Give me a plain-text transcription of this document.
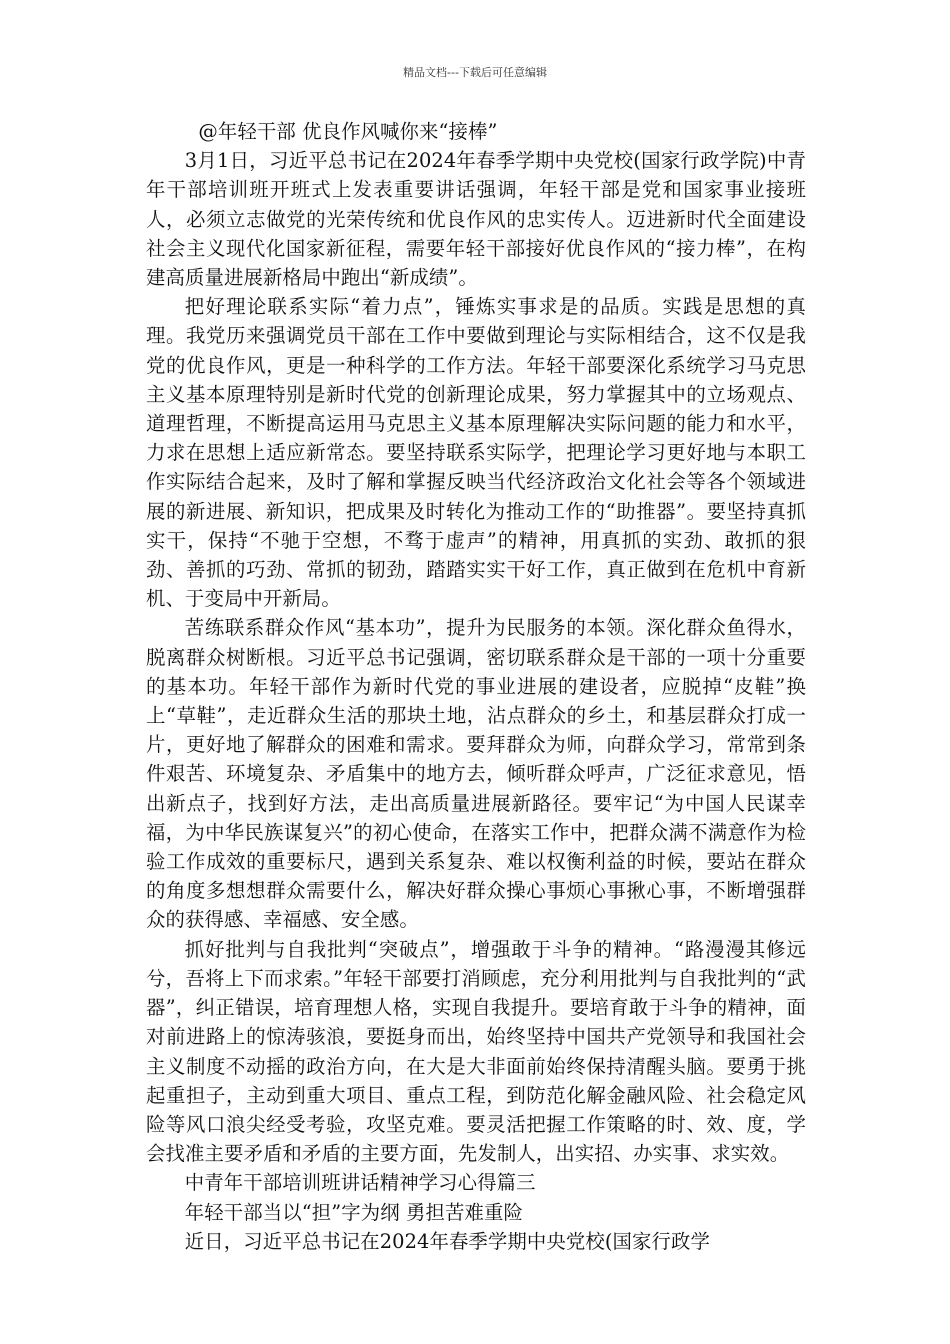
精品文档---下载后可任意编辑

@年轻干部 优良作风喊你来“接棒”

3月1日，习近平总书记在2024年春季学期中央党校(国家行政学院)中青年干部培训班开班式上发表重要讲话强调，年轻干部是党和国家事业接班人，必须立志做党的光荣传统和优良作风的忠实传人。迈进新时代全面建设社会主义现代化国家新征程，需要年轻干部接好优良作风的“接力棒”，在构建高质量进展新格局中跑出“新成绩”。

把好理论联系实际“着力点”，锤炼实事求是的品质。实践是思想的真理。我党历来强调党员干部在工作中要做到理论与实际相结合，这不仅是我党的优良作风，更是一种科学的工作方法。年轻干部要深化系统学习马克思主义基本原理特别是新时代党的创新理论成果，努力掌握其中的立场观点、道理哲理，不断提高运用马克思主义基本原理解决实际问题的能力和水平，力求在思想上适应新常态。要坚持联系实际学，把理论学习更好地与本职工作实际结合起来，及时了解和掌握反映当代经济政治文化社会等各个领域进展的新进展、新知识，把成果及时转化为推动工作的“助推器”。要坚持真抓实干，保持“不驰于空想，不骛于虚声”的精神，用真抓的实劲、敢抓的狠劲、善抓的巧劲、常抓的韧劲，踏踏实实干好工作，真正做到在危机中育新机、于变局中开新局。

苦练联系群众作风“基本功”，提升为民服务的本领。深化群众鱼得水，脱离群众树断根。习近平总书记强调，密切联系群众是干部的一项十分重要的基本功。年轻干部作为新时代党的事业进展的建设者，应脱掉“皮鞋”换上“草鞋”，走近群众生活的那块土地，沾点群众的乡土，和基层群众打成一片，更好地了解群众的困难和需求。要拜群众为师，向群众学习，常常到条件艰苦、环境复杂、矛盾集中的地方去，倾听群众呼声，广泛征求意见，悟出新点子，找到好方法，走出高质量进展新路径。要牢记“为中国人民谋幸福，为中华民族谋复兴”的初心使命，在落实工作中，把群众满不满意作为检验工作成效的重要标尺，遇到关系复杂、难以权衡利益的时候，要站在群众的角度多想想群众需要什么，解决好群众操心事烦心事揪心事，不断增强群众的获得感、幸福感、安全感。

抓好批判与自我批判“突破点”，增强敢于斗争的精神。“路漫漫其修远兮，吾将上下而求索。”年轻干部要打消顾虑，充分利用批判与自我批判的“武器”，纠正错误，培育理想人格，实现自我提升。要培育敢于斗争的精神，面对前进路上的惊涛骇浪，要挺身而出，始终坚持中国共产党领导和我国社会主义制度不动摇的政治方向，在大是大非面前始终保持清醒头脑。要勇于挑起重担子，主动到重大项目、重点工程，到防范化解金融风险、社会稳定风险等风口浪尖经受考验，攻坚克难。要灵活把握工作策略的时、效、度，学会找准主要矛盾和矛盾的主要方面，先发制人，出实招、办实事、求实效。

中青年干部培训班讲话精神学习心得篇三

年轻干部当以“担”字为纲 勇担苦难重险

近日，习近平总书记在2024年春季学期中央党校(国家行政学
